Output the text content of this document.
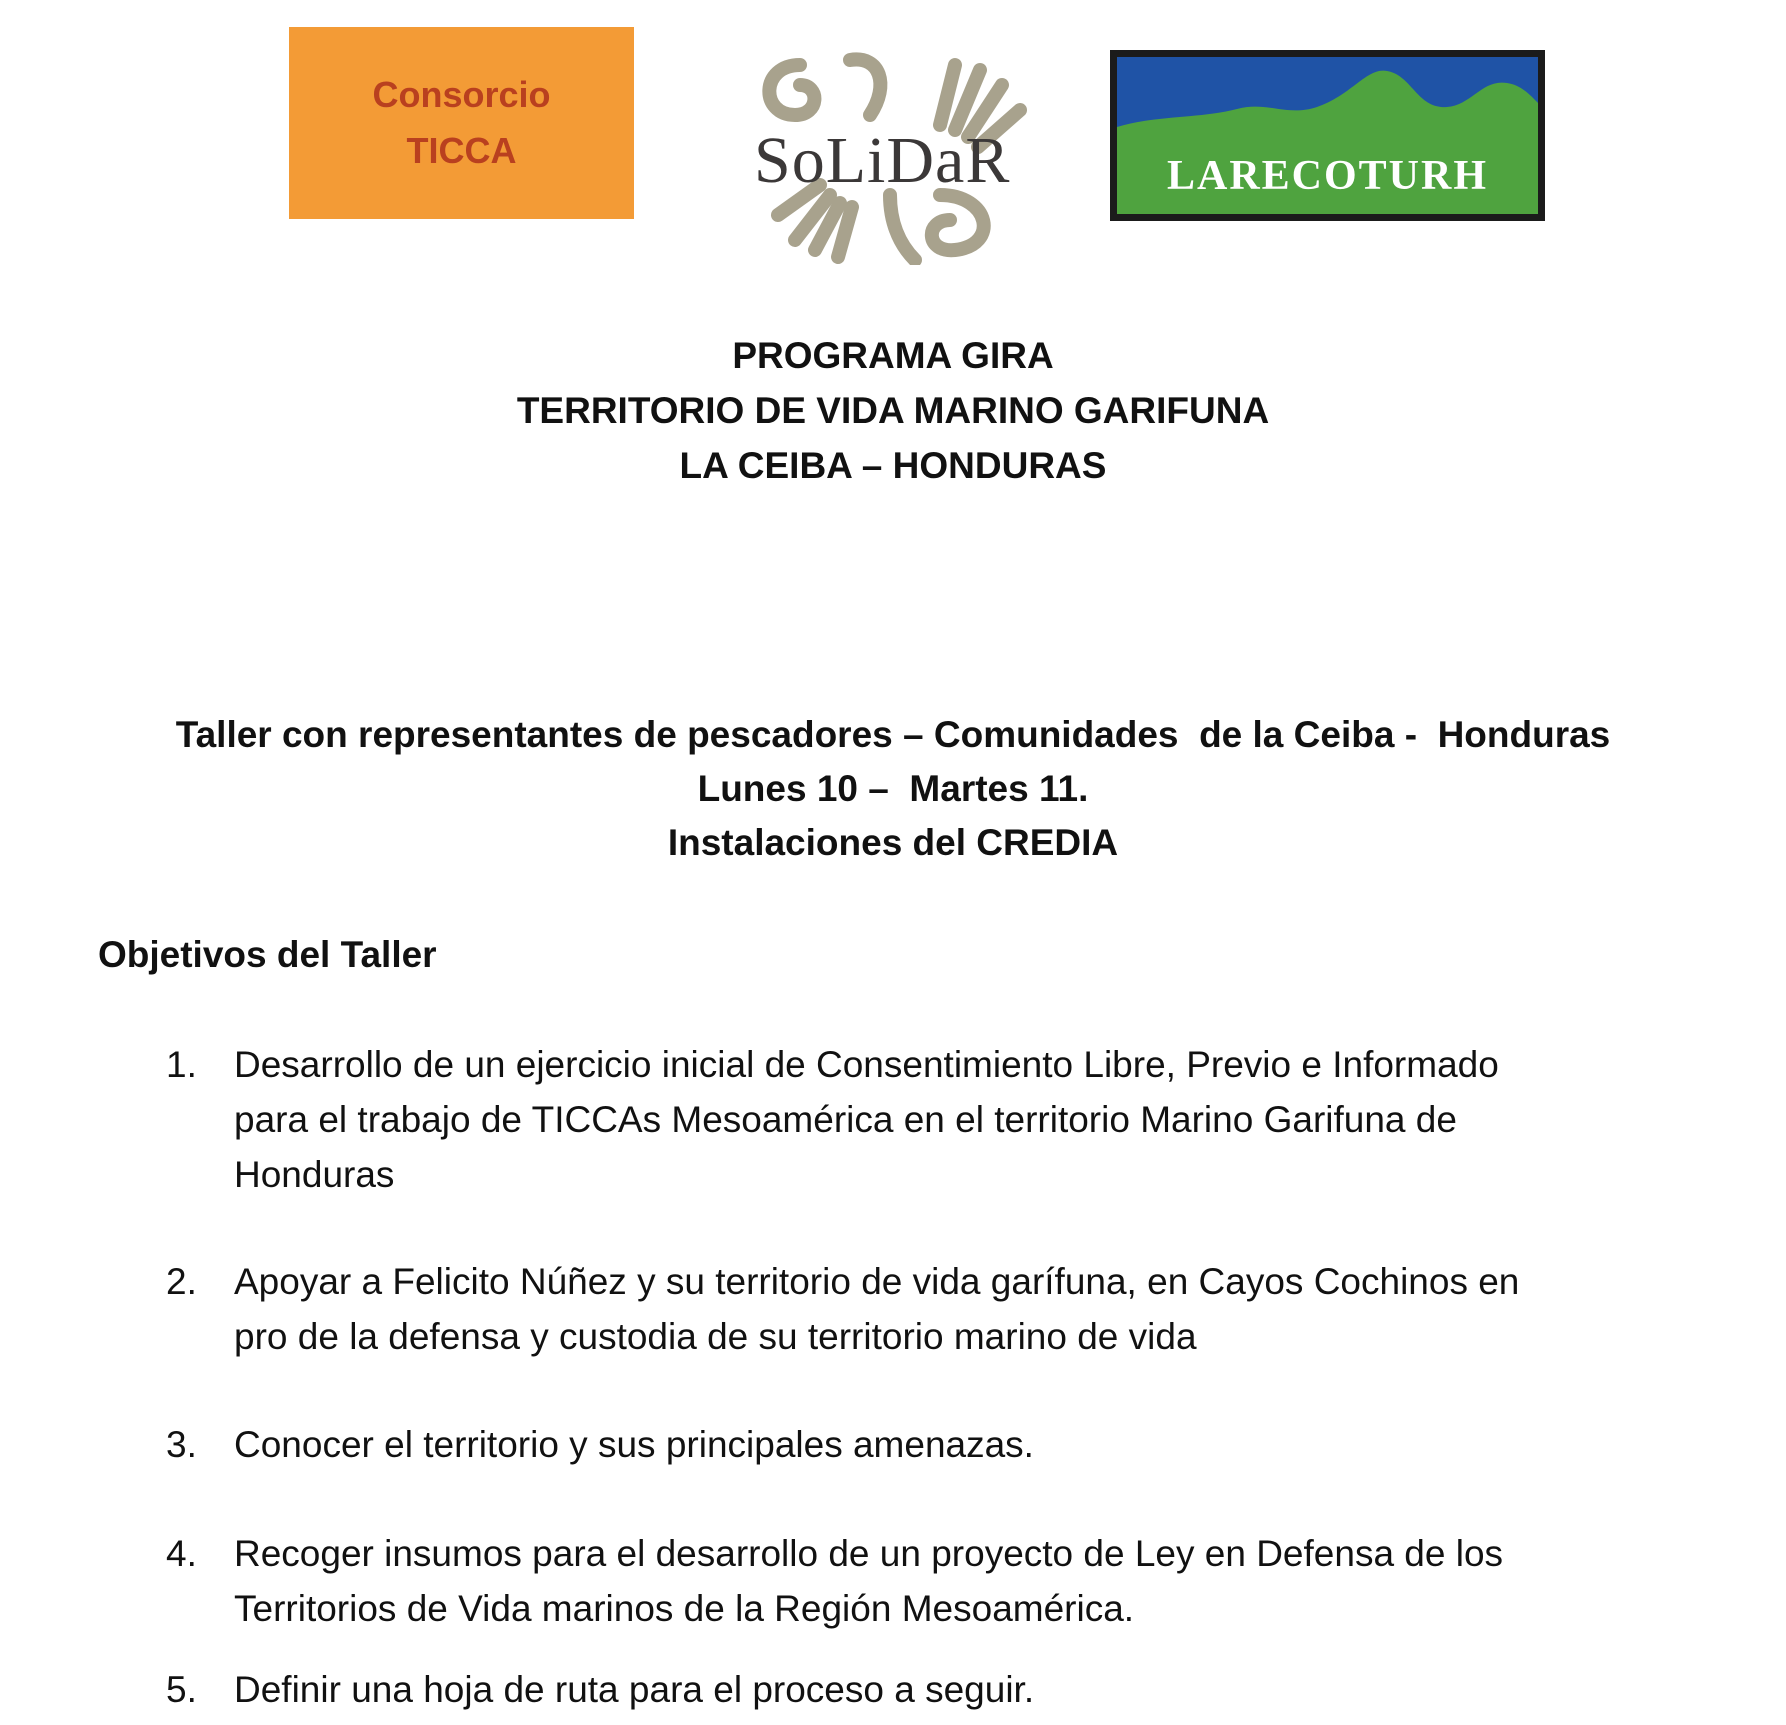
Consorcio
TICCA	SoLiDaR	LARECOTURH
PROGRAMA GIRA
TERRITORIO DE VIDA MARINO GARIFUNA
LA CEIBA – HONDURAS
Taller con representantes de pescadores – Comunidades  de la Ceiba -  Honduras
Lunes 10 –  Martes 11.
Instalaciones del CREDIA
Objetivos del Taller
1.	Desarrollo de un ejercicio inicial de Consentimiento Libre, Previo e Informado
para el trabajo de TICCAs Mesoamérica en el territorio Marino Garifuna de
Honduras
2.	Apoyar a Felicito Núñez y su territorio de vida garífuna, en Cayos Cochinos en
pro de la defensa y custodia de su territorio marino de vida
3.	Conocer el territorio y sus principales amenazas.
4.	Recoger insumos para el desarrollo de un proyecto de Ley en Defensa de los
Territorios de Vida marinos de la Región Mesoamérica.
5.	Definir una hoja de ruta para el proceso a seguir.
